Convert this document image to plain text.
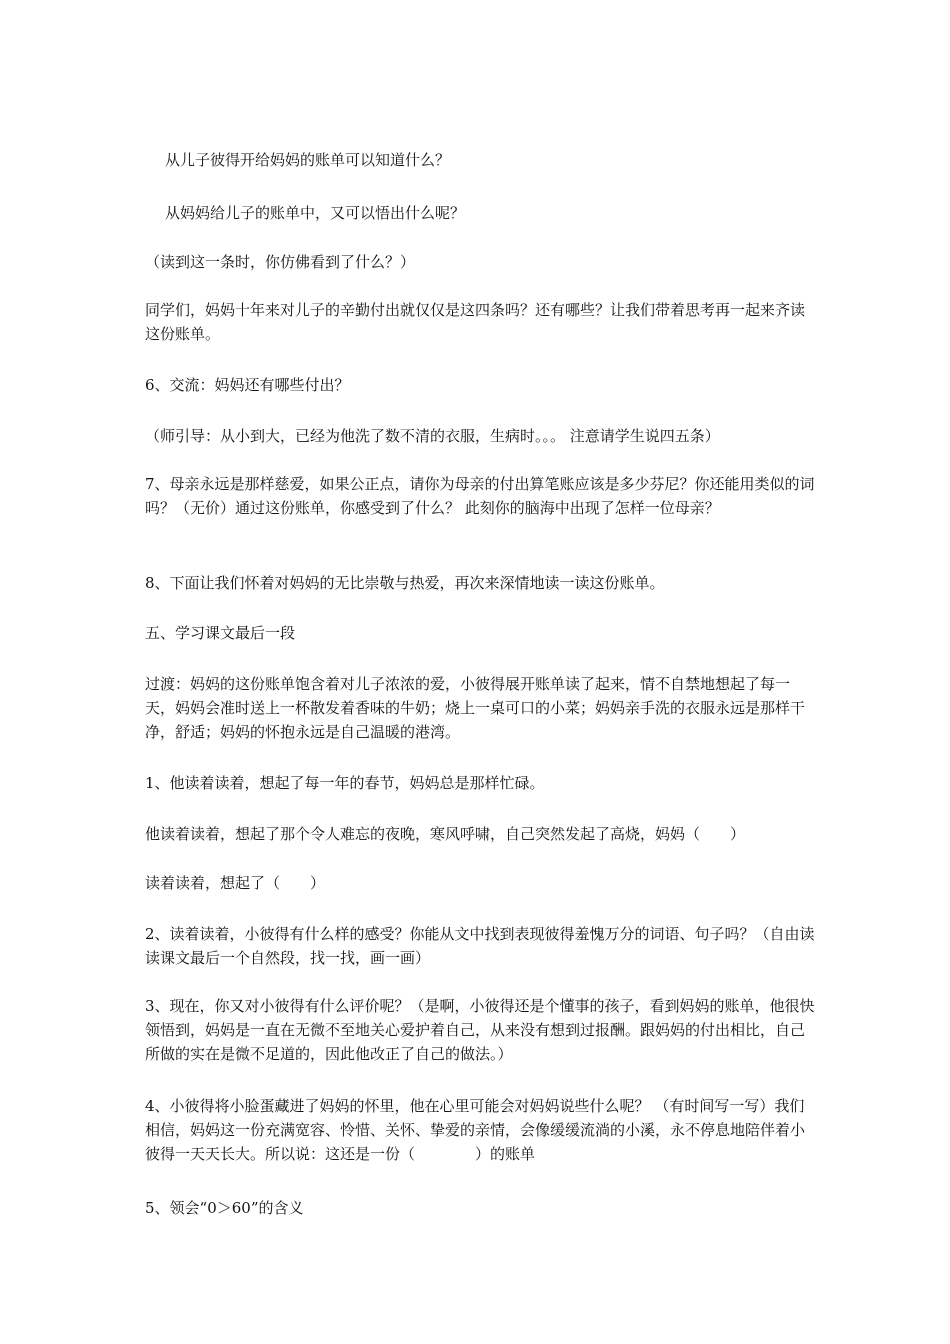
从儿子彼得开给妈妈的账单可以知道什么？

从妈妈给儿子的账单中，又可以悟出什么呢？

（读到这一条时，你仿佛看到了什么？）

同学们，妈妈十年来对儿子的辛勤付出就仅仅是这四条吗？还有哪些？让我们带着思考再一起来齐读这份账单。

6、交流：妈妈还有哪些付出？

（师引导：从小到大，已经为他洗了数不清的衣服，生病时。。。 注意请学生说四五条）

7、母亲永远是那样慈爱，如果公正点，请你为母亲的付出算笔账应该是多少芬尼？你还能用类似的词吗？（无价）通过这份账单，你感受到了什么？ 此刻你的脑海中出现了怎样一位母亲？

8、下面让我们怀着对妈妈的无比崇敬与热爱，再次来深情地读一读这份账单。

五、学习课文最后一段

过渡：妈妈的这份账单饱含着对儿子浓浓的爱，小彼得展开账单读了起来，情不自禁地想起了每一天，妈妈会准时送上一杯散发着香味的牛奶；烧上一桌可口的小菜；妈妈亲手洗的衣服永远是那样干净，舒适；妈妈的怀抱永远是自己温暖的港湾。

1、他读着读着，想起了每一年的春节，妈妈总是那样忙碌。

他读着读着，想起了那个令人难忘的夜晚，寒风呼啸，自己突然发起了高烧，妈妈（　　）

读着读着，想起了（　　）

2、读着读着，小彼得有什么样的感受？你能从文中找到表现彼得羞愧万分的词语、句子吗？（自由读读课文最后一个自然段，找一找，画一画）

3、现在，你又对小彼得有什么评价呢？（是啊，小彼得还是个懂事的孩子，看到妈妈的账单，他很快领悟到，妈妈是一直在无微不至地关心爱护着自己，从来没有想到过报酬。跟妈妈的付出相比，自己所做的实在是微不足道的，因此他改正了自己的做法。）

4、小彼得将小脸蛋藏进了妈妈的怀里，他在心里可能会对妈妈说些什么呢？ （有时间写一写）我们相信，妈妈这一份充满宽容、怜惜、关怀、挚爱的亲情，会像缓缓流淌的小溪，永不停息地陪伴着小彼得一天天长大。所以说：这还是一份（　　　　）的账单

5、领会“0＞60”的含义
